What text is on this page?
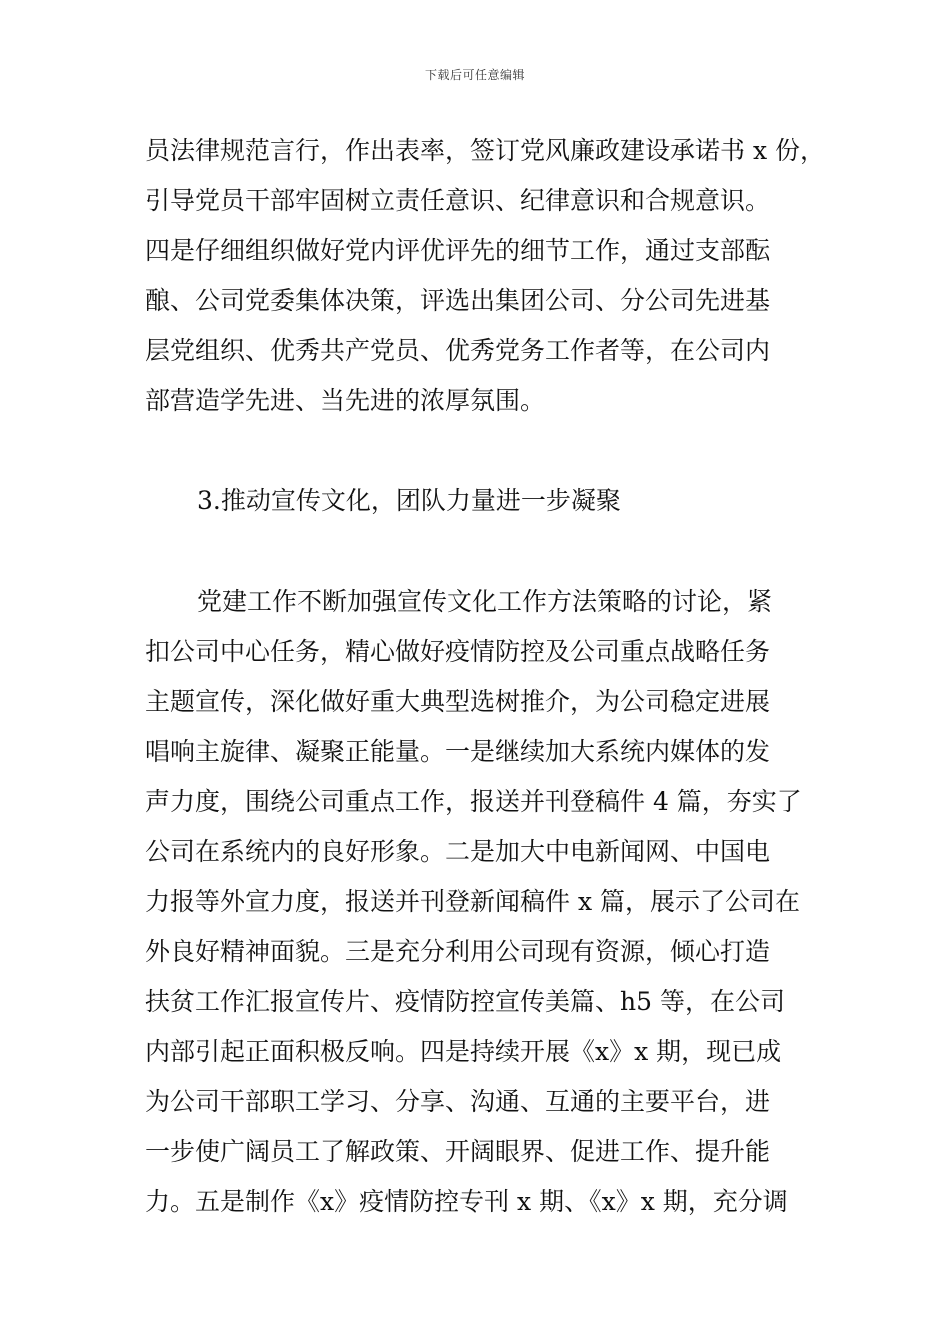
下载后可任意编辑
员法律规范言行，作出表率，签订党风廉政建设承诺书 x 份，
引导党员干部牢固树立责任意识、纪律意识和合规意识。
四是仔细组织做好党内评优评先的细节工作，通过支部酝
酿、公司党委集体决策，评选出集团公司、分公司先进基
层党组织、优秀共产党员、优秀党务工作者等，在公司内
部营造学先进、当先进的浓厚氛围。
3.推动宣传文化，团队力量进一步凝聚
党建工作不断加强宣传文化工作方法策略的讨论，紧
扣公司中心任务，精心做好疫情防控及公司重点战略任务
主题宣传，深化做好重大典型选树推介，为公司稳定进展
唱响主旋律、凝聚正能量。一是继续加大系统内媒体的发
声力度，围绕公司重点工作，报送并刊登稿件 4 篇，夯实了
公司在系统内的良好形象。二是加大中电新闻网、中国电
力报等外宣力度，报送并刊登新闻稿件 x 篇，展示了公司在
外良好精神面貌。三是充分利用公司现有资源，倾心打造
扶贫工作汇报宣传片、疫情防控宣传美篇、h5 等，在公司
内部引起正面积极反响。四是持续开展《x》x 期，现已成
为公司干部职工学习、分享、沟通、互通的主要平台，进
一步使广阔员工了解政策、开阔眼界、促进工作、提升能
力。五是制作《x》疫情防控专刊 x 期、《x》x 期，充分调
